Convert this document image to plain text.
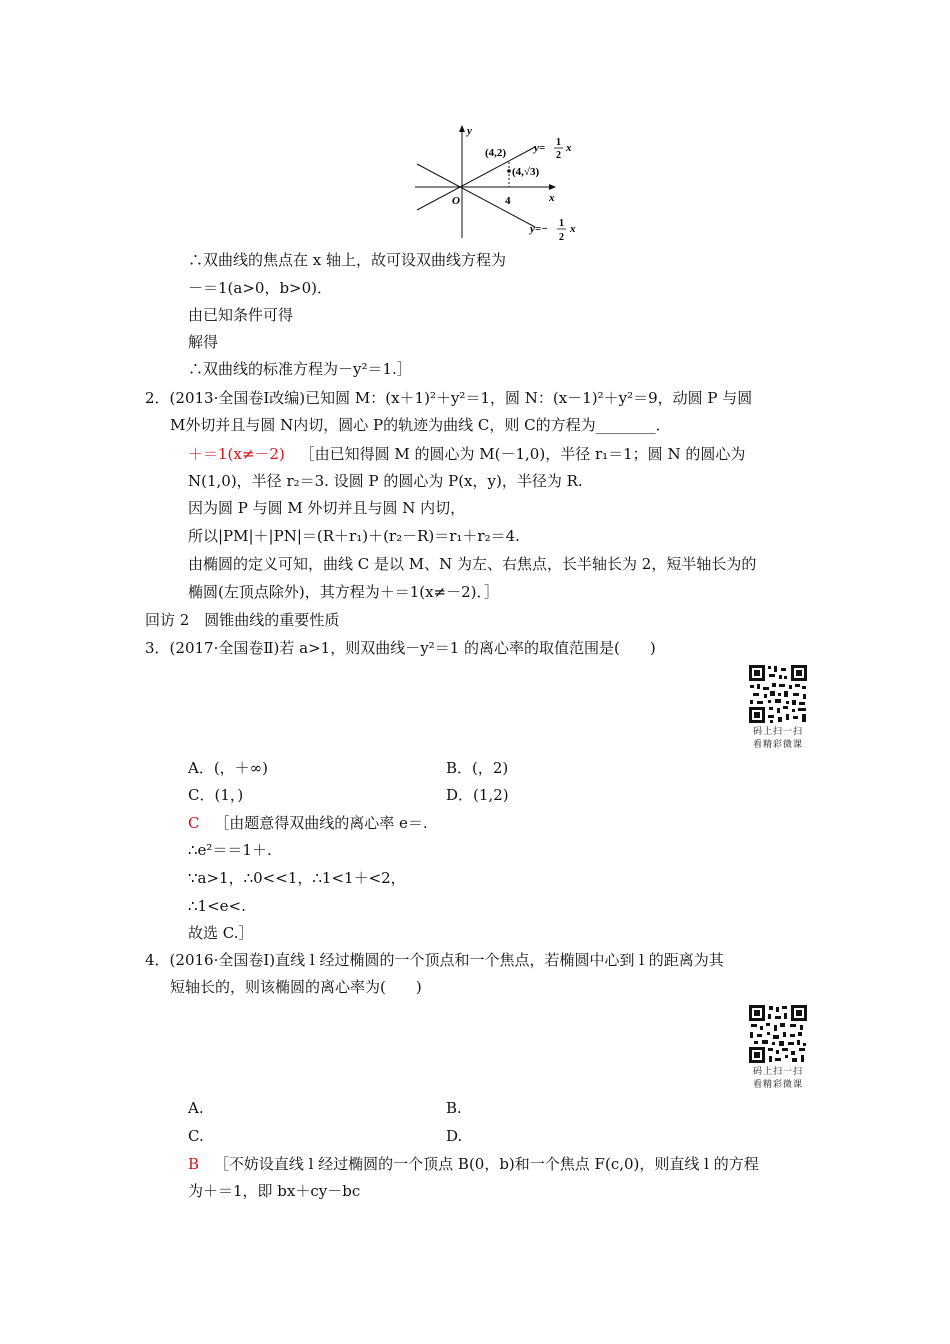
y
x
O	4
(4,2)
(4,√3)
y= 1
2
x
y=− 1
2
x
∴双曲线的焦点在 x 轴上，故可设双曲线方程为
－＝1(a>0，b>0)．
由已知条件可得
解得
∴双曲线的标准方程为－y²＝1.］
2．(2013·全国卷Ⅰ改编)已知圆 M：(x＋1)²＋y²＝1，圆 N：(x－1)²＋y²＝9，动圆 P 与圆
M外切并且与圆 N内切，圆心 P的轨迹为曲线 C，则 C的方程为________．
＋＝1(x≠－2) ［由已知得圆 M 的圆心为 M(－1,0)，半径 r₁＝1；圆 N 的圆心为
N(1,0)，半径 r₂＝3. 设圆 P 的圆心为 P(x，y)，半径为 R.
因为圆 P 与圆 M 外切并且与圆 N 内切，
所以|PM|＋|PN|＝(R＋r₁)＋(r₂－R)＝r₁＋r₂＝4.
由椭圆的定义可知，曲线 C 是以 M、N 为左、右焦点，长半轴长为 2，短半轴长为的
椭圆(左顶点除外)，其方程为＋＝1(x≠－2)．］
回访 2　圆锥曲线的重要性质
3．(2017·全国卷Ⅱ)若 a>1，则双曲线－y²＝1 的离心率的取值范围是(　　)
码上扫一扫
看精彩微课
A．(，＋∞)	B．(，2)
C．(1，)	D．(1,2)
C ［由题意得双曲线的离心率 e＝.
∴e²＝＝1＋.
∵a>1，∴0<<1，∴1<1＋<2，
∴1<e<.
故选 C.］
4．(2016·全国卷Ⅰ)直线 l 经过椭圆的一个顶点和一个焦点，若椭圆中心到 l 的距离为其
短轴长的，则该椭圆的离心率为(　　)
码上扫一扫
看精彩微课
A.	B.
C.	D.
B ［不妨设直线 l 经过椭圆的一个顶点 B(0，b)和一个焦点 F(c,0)，则直线 l 的方程
为＋＝1，即 bx＋cy－bc
